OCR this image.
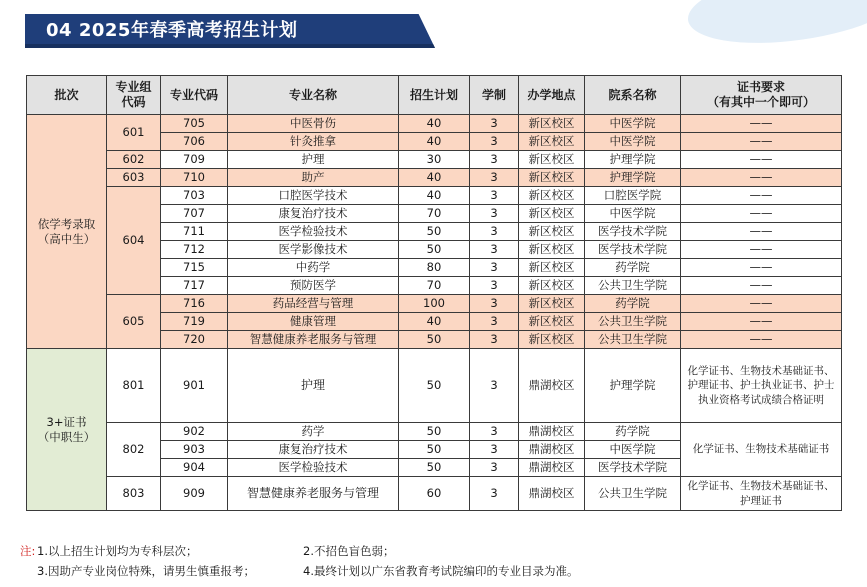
04 2025年春季高考招生计划
批次	专业组
代码	专业代码	专业名称	招生计划	学制	办学地点	院系名称	证书要求
（有其中一个即可）
依学考录取
（高中生）	601	705	中医骨伤	40	3	新区校区	中医学院	——
		706	针灸推拿	40	3	新区校区	中医学院	——
	602	709	护理	30	3	新区校区	护理学院	——
	603	710	助产	40	3	新区校区	护理学院	——
	604	703	口腔医学技术	40	3	新区校区	口腔医学院	——
		707	康复治疗技术	70	3	新区校区	中医学院	——
		711	医学检验技术	50	3	新区校区	医学技术学院	——
		712	医学影像技术	50	3	新区校区	医学技术学院	——
		715	中药学	80	3	新区校区	药学院	——
		717	预防医学	70	3	新区校区	公共卫生学院	——
	605	716	药品经营与管理	100	3	新区校区	药学院	——
		719	健康管理	40	3	新区校区	公共卫生学院	——
		720	智慧健康养老服务与管理	50	3	新区校区	公共卫生学院	——
3+证书
（中职生）	801	901	护理	50	3	鼎湖校区	护理学院	化学证书、生物技术基础证书、护理证书、护士执业证书、护士执业资格考试成绩合格证明
	802	902	药学	50	3	鼎湖校区	药学院	化学证书、生物技术基础证书
		903	康复治疗技术	50	3	鼎湖校区	中医学院	
		904	医学检验技术	50	3	鼎湖校区	医学技术学院	
	803	909	智慧健康养老服务与管理	60	3	鼎湖校区	公共卫生学院	化学证书、生物技术基础证书、护理证书
注: 1.以上招生计划均为专科层次；	2.不招色盲色弱；
3.因助产专业岗位特殊，请男生慎重报考；	4.最终计划以广东省教育考试院编印的专业目录为准。
